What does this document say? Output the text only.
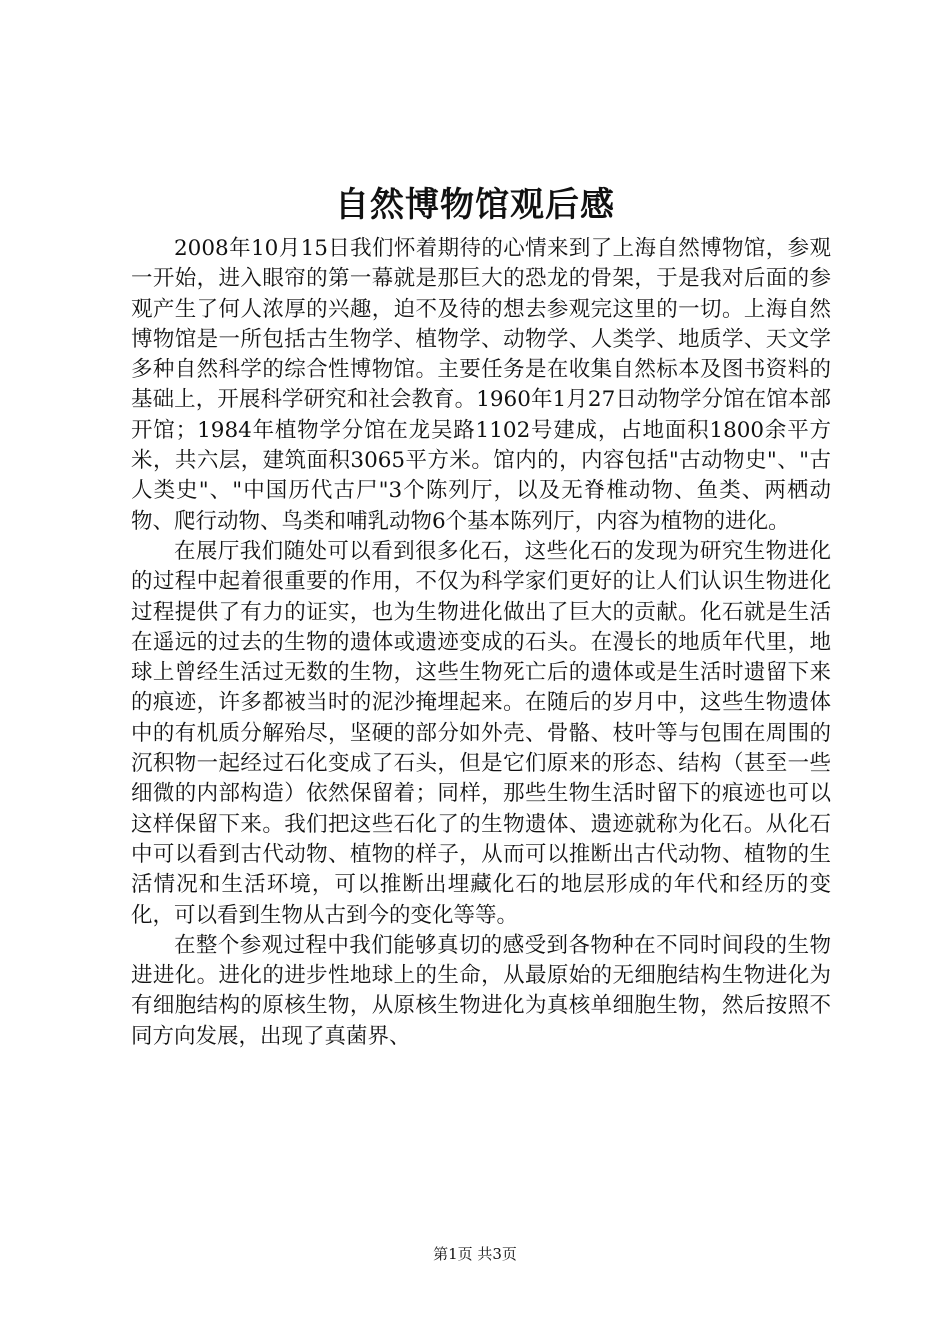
自然博物馆观后感

2008年10月15日我们怀着期待的心情来到了上海自然博物馆，参观一开始，进入眼帘的第一幕就是那巨大的恐龙的骨架，于是我对后面的参观产生了何人浓厚的兴趣，迫不及待的想去参观完这里的一切。上海自然博物馆是一所包括古生物学、植物学、动物学、人类学、地质学、天文学多种自然科学的综合性博物馆。主要任务是在收集自然标本及图书资料的基础上，开展科学研究和社会教育。1960年1月27日动物学分馆在馆本部开馆；1984年植物学分馆在龙吴路1102号建成，占地面积1800余平方米，共六层，建筑面积3065平方米。馆内的，内容包括"古动物史"、"古人类史"、"中国历代古尸"3个陈列厅，以及无脊椎动物、鱼类、两栖动物、爬行动物、鸟类和哺乳动物6个基本陈列厅，内容为植物的进化。

在展厅我们随处可以看到很多化石，这些化石的发现为研究生物进化的过程中起着很重要的作用，不仅为科学家们更好的让人们认识生物进化过程提供了有力的证实，也为生物进化做出了巨大的贡献。化石就是生活在遥远的过去的生物的遗体或遗迹变成的石头。在漫长的地质年代里，地球上曾经生活过无数的生物，这些生物死亡后的遗体或是生活时遗留下来的痕迹，许多都被当时的泥沙掩埋起来。在随后的岁月中，这些生物遗体中的有机质分解殆尽，坚硬的部分如外壳、骨骼、枝叶等与包围在周围的沉积物一起经过石化变成了石头，但是它们原来的形态、结构（甚至一些细微的内部构造）依然保留着；同样，那些生物生活时留下的痕迹也可以这样保留下来。我们把这些石化了的生物遗体、遗迹就称为化石。从化石中可以看到古代动物、植物的样子，从而可以推断出古代动物、植物的生活情况和生活环境，可以推断出埋藏化石的地层形成的年代和经历的变化，可以看到生物从古到今的变化等等。

在整个参观过程中我们能够真切的感受到各物种在不同时间段的生物进进化。进化的进步性地球上的生命，从最原始的无细胞结构生物进化为有细胞结构的原核生物，从原核生物进化为真核单细胞生物，然后按照不同方向发展，出现了真菌界、

第1页 共3页
